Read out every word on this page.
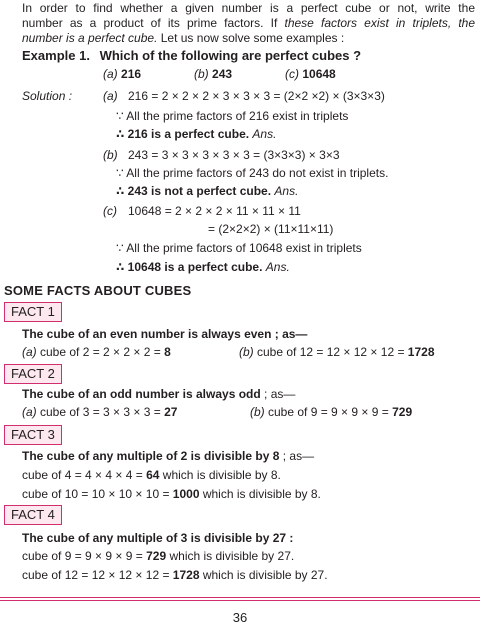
In order to find whether a given number is a perfect cube or not, write the
number as a product of its prime factors. If these factors exist in triplets, the
number is a perfect cube. Let us now solve some examples :
Example 1. Which of the following are perfect cubes ?
(a) 216	(b) 243	(c) 10648
Solution :	(a) 216 = 2 × 2 × 2 × 3 × 3 × 3 = (2×2 ×2) × (3×3×3)
∵ All the prime factors of 216 exist in triplets
∴ 216 is a perfect cube. Ans.
(b) 243 = 3 × 3 × 3 × 3 × 3 = (3×3×3) × 3×3
∵ All the prime factors of 243 do not exist in triplets.
∴ 243 is not a perfect cube. Ans.
(c) 10648 = 2 × 2 × 2 × 11 × 11 × 11
= (2×2×2) × (11×11×11)
∵ All the prime factors of 10648 exist in triplets
∴ 10648 is a perfect cube. Ans.
SOME FACTS ABOUT CUBES
FACT 1
The cube of an even number is always even ; as—
(a) cube of 2 = 2 × 2 × 2 = 8	(b) cube of 12 = 12 × 12 × 12 = 1728
FACT 2
The cube of an odd number is always odd ; as—
(a) cube of 3 = 3 × 3 × 3 = 27	(b) cube of 9 = 9 × 9 × 9 = 729
FACT 3
The cube of any multiple of 2 is divisible by 8 ; as—
cube of 4 = 4 × 4 × 4 = 64 which is divisible by 8.
cube of 10 = 10 × 10 × 10 = 1000 which is divisible by 8.
FACT 4
The cube of any multiple of 3 is divisible by 27 :
cube of 9 = 9 × 9 × 9 = 729 which is divisible by 27.
cube of 12 = 12 × 12 × 12 = 1728 which is divisible by 27.
36
